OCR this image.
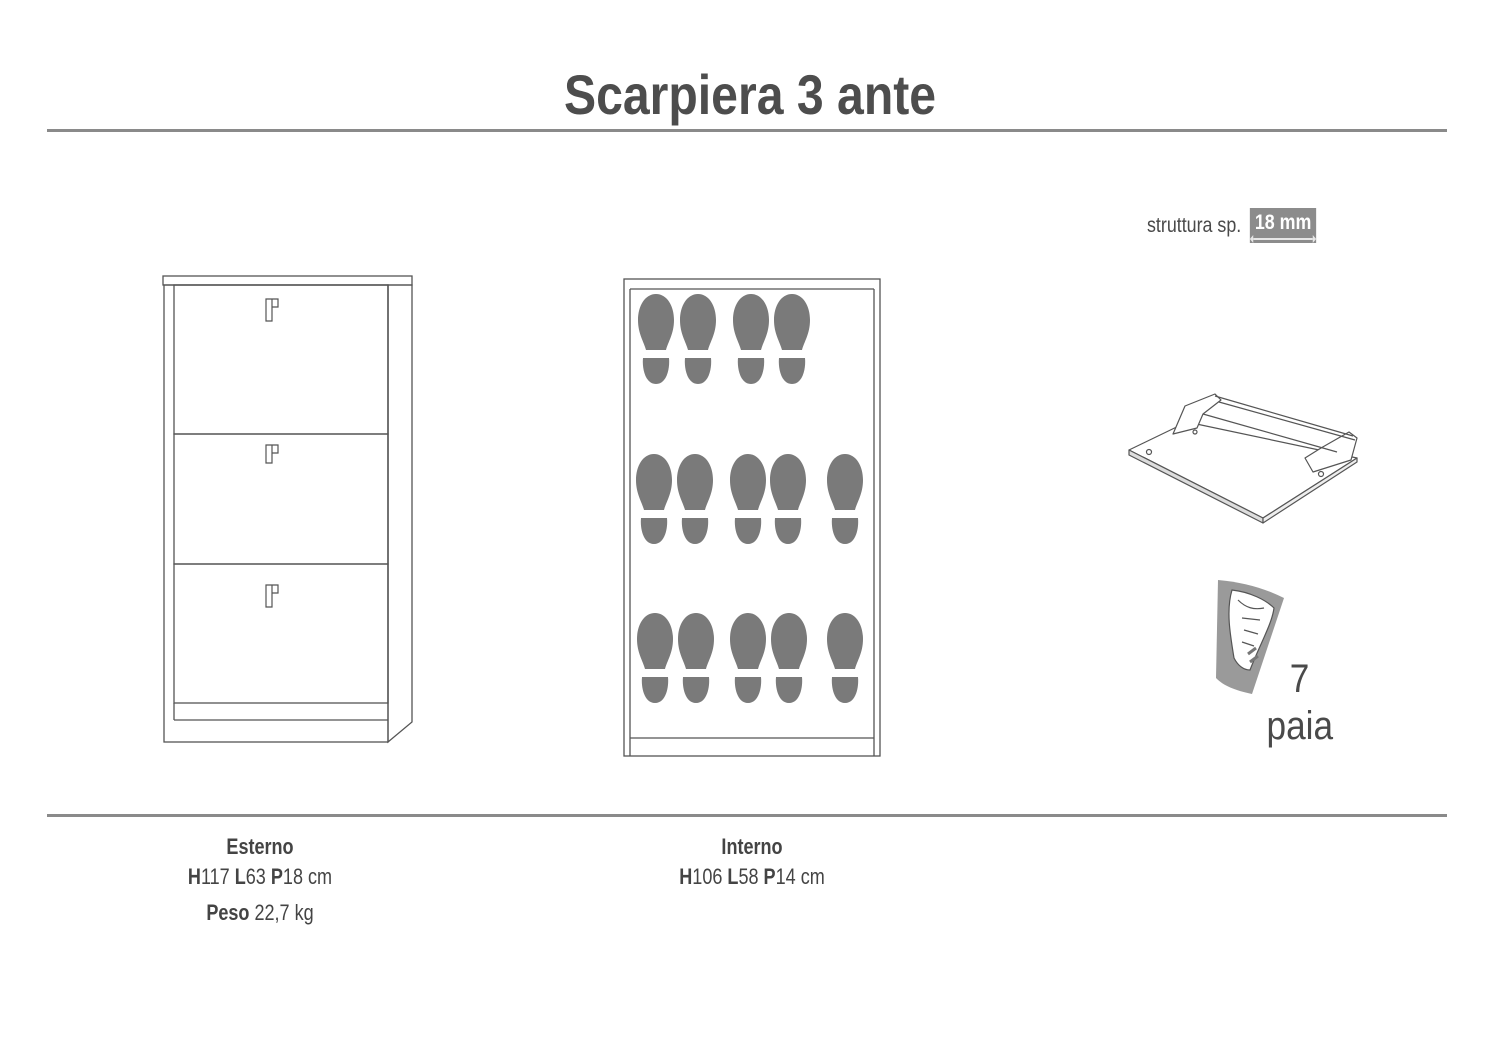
Scarpiera 3 ante
struttura sp. 18 mm
7
paia
Esterno
H117 L63 P18 cm
Peso 22,7 kg
Interno
H106 L58 P14 cm
